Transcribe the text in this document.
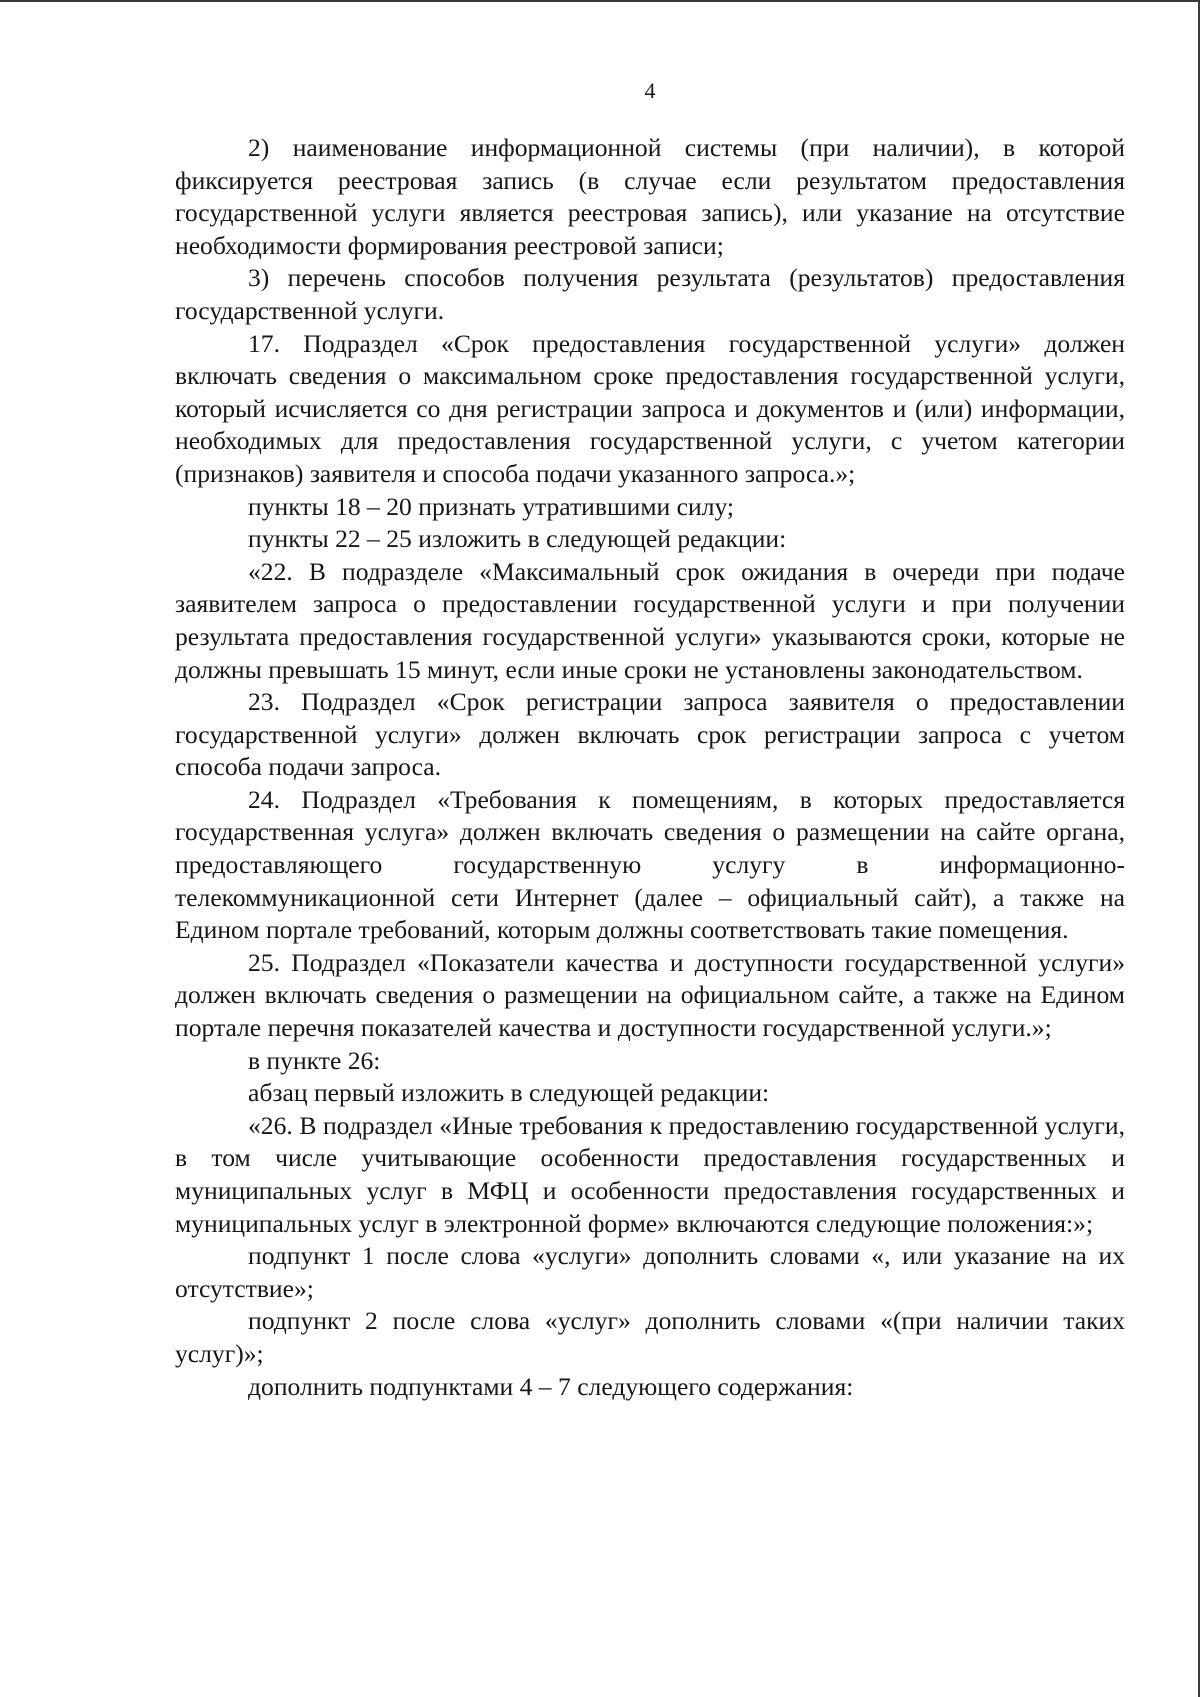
4

2) наименование информационной системы (при наличии), в которой фиксируется реестровая запись (в случае если результатом предоставления государственной услуги является реестровая запись), или указание на отсутствие необходимости формирования реестровой записи;

3) перечень способов получения результата (результатов) предоставления государственной услуги.

17. Подраздел «Срок предоставления государственной услуги» должен включать сведения о максимальном сроке предоставления государственной услуги, который исчисляется со дня регистрации запроса и документов и (или) информации, необходимых для предоставления государственной услуги, с учетом категории (признаков) заявителя и способа подачи указанного запроса.»;

пункты 18 – 20 признать утратившими силу;

пункты 22 – 25 изложить в следующей редакции:

«22. В подразделе «Максимальный срок ожидания в очереди при подаче заявителем запроса о предоставлении государственной услуги и при получении результата предоставления государственной услуги» указываются сроки, которые не должны превышать 15 минут, если иные сроки не установлены законодательством.

23. Подраздел «Срок регистрации запроса заявителя о предоставлении государственной услуги» должен включать срок регистрации запроса с учетом способа подачи запроса.

24. Подраздел «Требования к помещениям, в которых предоставляется государственная услуга» должен включать сведения о размещении на сайте органа, предоставляющего государственную услугу в информационно-телекоммуникационной сети Интернет (далее – официальный сайт), а также на Едином портале требований, которым должны соответствовать такие помещения.

25. Подраздел «Показатели качества и доступности государственной услуги» должен включать сведения о размещении на официальном сайте, а также на Едином портале перечня показателей качества и доступности государственной услуги.»;

в пункте 26:

абзац первый изложить в следующей редакции:

«26. В подраздел «Иные требования к предоставлению государственной услуги, в том числе учитывающие особенности предоставления государственных и муниципальных услуг в МФЦ и особенности предоставления государственных и муниципальных услуг в электронной форме» включаются следующие положения:»;

подпункт 1 после слова «услуги» дополнить словами «, или указание на их отсутствие»;

подпункт 2 после слова «услуг» дополнить словами «(при наличии таких услуг)»;

дополнить подпунктами 4 – 7 следующего содержания:
